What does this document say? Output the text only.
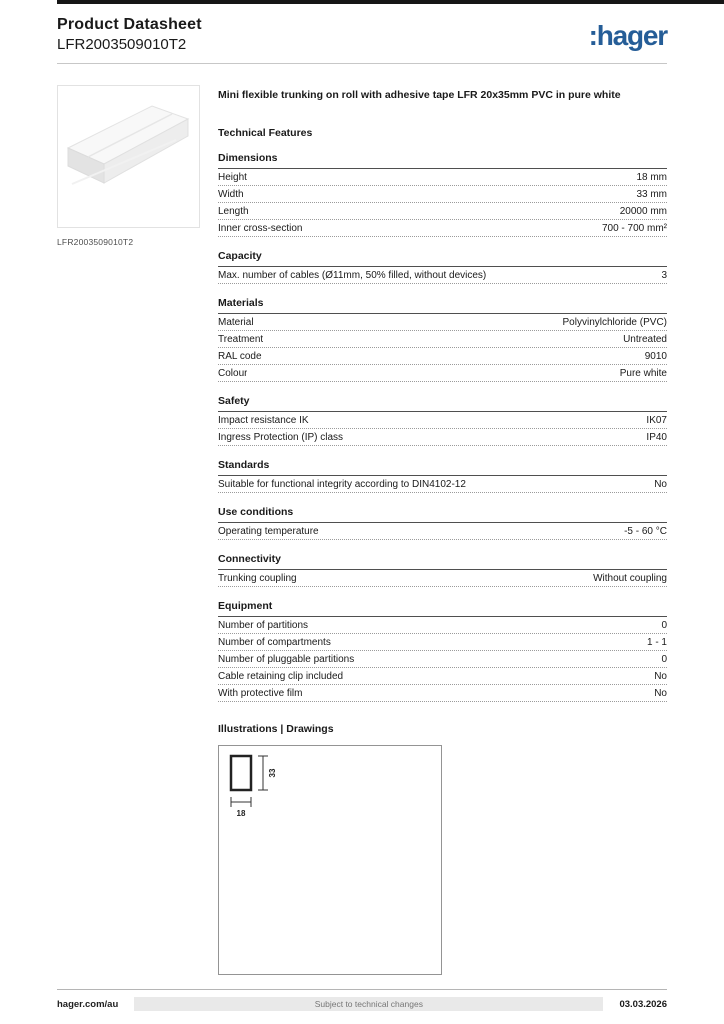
Product Datasheet
LFR2003509010T2	:hager
LFR2003509010T2
Mini flexible trunking on roll with adhesive tape LFR 20x35mm PVC in pure white
Technical Features
Dimensions
Height	18 mm
Width	33 mm
Length	20000 mm
Inner cross-section	700 - 700 mm²
Capacity
Max. number of cables (Ø11mm, 50% filled, without devices)	3
Materials
Material	Polyvinylchloride (PVC)
Treatment	Untreated
RAL code	9010
Colour	Pure white
Safety
Impact resistance IK	IK07
Ingress Protection (IP) class	IP40
Standards
Suitable for functional integrity according to DIN4102-12	No
Use conditions
Operating temperature	-5 - 60 °C
Connectivity
Trunking coupling	Without coupling
Equipment
Number of partitions	0
Number of compartments	1 - 1
Number of pluggable partitions	0
Cable retaining clip included	No
With protective film	No
Illustrations | Drawings
33
18
hager.com/au	Subject to technical changes	03.03.2026
